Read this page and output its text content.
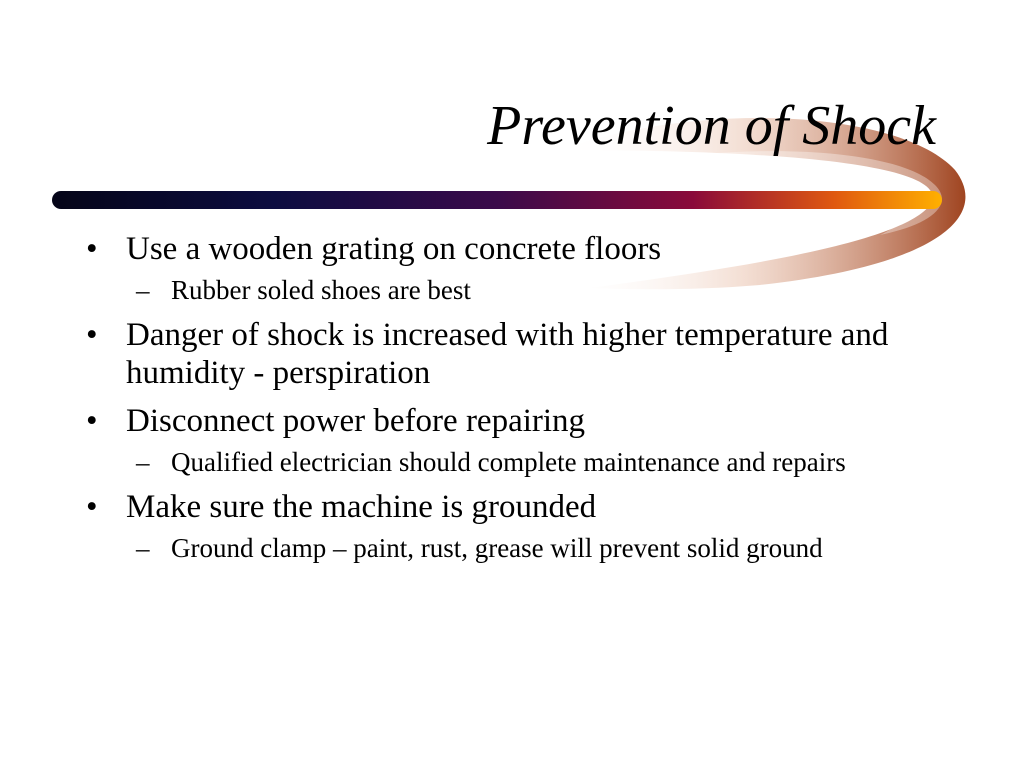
Prevention of Shock
• Use a wooden grating on concrete floors
– Rubber soled shoes are best
• Danger of shock is increased with higher temperature and humidity - perspiration
• Disconnect power before repairing
– Qualified electrician should complete maintenance and repairs
• Make sure the machine is grounded
– Ground clamp – paint, rust, grease will prevent solid ground
